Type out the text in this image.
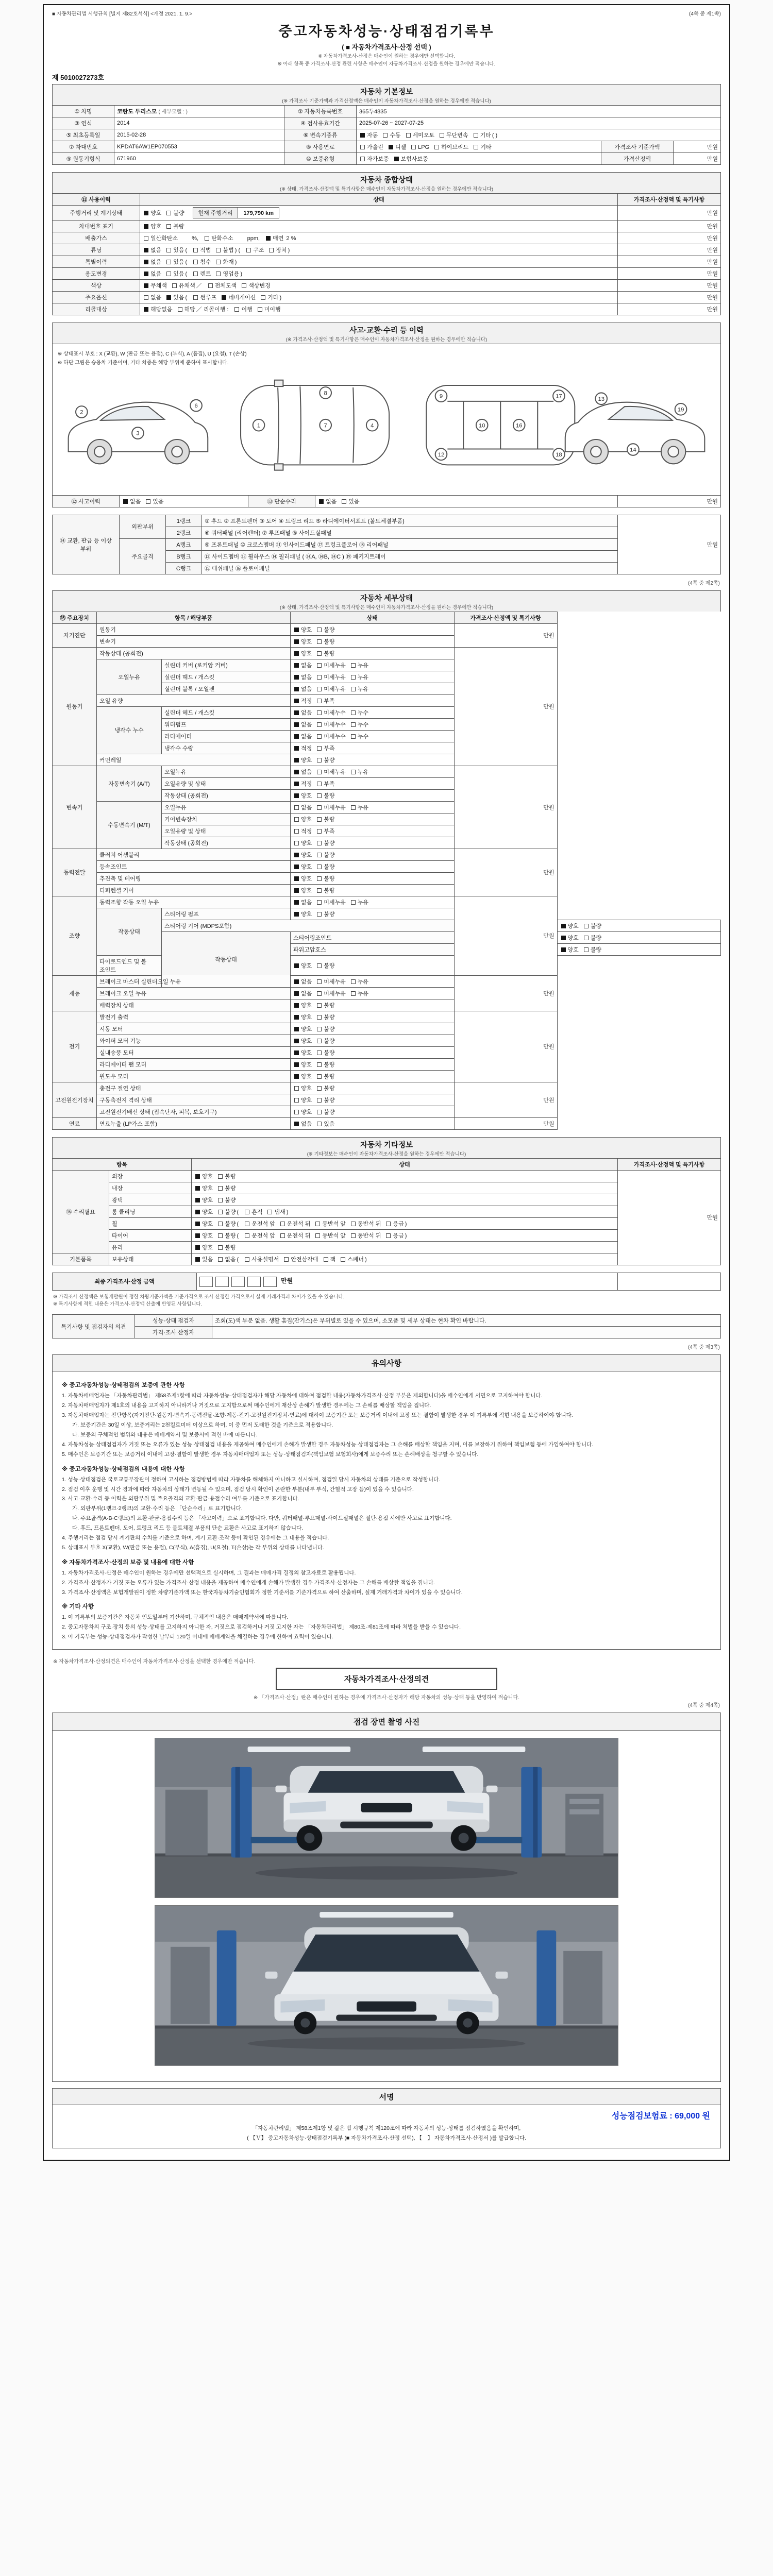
■ 자동차관리법 시행규칙 [별지 제82호서식] <개정 2021. 1. 9.>	(4쪽 중 제1쪽)
중고자동차성능·상태점검기록부
( ■ 자동차가격조사·산정 선택 )
※ 자동차가격조사·산정은 매수인이 원하는 경우에만 선택합니다.
※ 아래 항목 중 가격조사·산정 관련 사항은 매수인이 자동차가격조사·산정을 원하는 경우에만 적습니다.
제 5010027273호
자동차 기본정보
(※ 가격조사 기준가액과 가격산정액은 매수인이 자동차가격조사·산정을 원하는 경우에만 적습니다)
① 차명	코란도 투리스모 ( 세부모델 : )	② 자동차등록번호	365두4835		
③ 연식	2014	④ 검사유효기간	2025-07-26 ~ 2027-07-25		
⑤ 최초등록일	2015-02-28	⑥ 변속기종류	자동 수동 세미오토 무단변속 기타 ( )		
⑦ 차대번호	KPDAT6AW1EP070553	⑧ 사용연료	가솔린 디젤 LPG 하이브리드 기타	가격조사 기준가액	만원
⑨ 원동기형식	671960	⑩ 보증유형	자가보증 보험사보증	가격산정액	만원
자동차 종합상태
(※ 상태, 가격조사·산정액 및 특기사항은 매수인이 자동차가격조사·산정을 원하는 경우에만 적습니다)
⑪ 사용이력	상태	가격조사·산정액 및 특기사항
주행거리 및 계기상태	양호 불량 현재 주행거리	179,790 km	만원
차대번호 표기	양호 불량	만원
배출가스	일산화탄소　　 %, 탄화수소　　 ppm, 매연 2 %	만원
튜닝	없음 있음 ( 적법 불법 ) ( 구조 장치 )	만원
특별이력	없음 있음 ( 침수 화재 )	만원
용도변경	없음 있음 ( 렌트 영업용 )	만원
색상	무채색 유채색 ／ 전체도색 색상변경	만원
주요옵션	없음 있음 ( 썬루프 네비게이션 기타 )	만원
리콜대상	해당없음 해당 ／ 리콜이행 : 이행 미이행	만원
사고·교환·수리 등 이력
(※ 가격조사·산정액 및 특기사항은 매수인이 자동차가격조사·산정을 원하는 경우에만 적습니다)
※ 상태표시 부호 : X (교환), W (판금 또는 용접), C (부식), A (흠집), U (요철), T (손상)
※ 하단 그림은 승용차 기준이며, 기타 차종은 해당 부위에 준하여 표시합니다.
2
3
6
1	7	4
8
9
10	16
12
17
18
13
14
19
⑫ 사고이력	없음 있음	⑬ 단순수리	없음 있음	만원
⑭ 교환, 판금 등 이상 부위	외판부위	1랭크	① 후드 ② 프론트펜더 ③ 도어 ④ 트렁크 리드 ⑤ 라디에이터서포트 (볼트체결부품)	만원
		2랭크	⑥ 쿼터패널 (리어펜더) ⑦ 루프패널 ⑧ 사이드실패널	
	주요골격	A랭크	⑨ 프론트패널 ⑩ 크로스멤버 ⑪ 인사이드패널 ⑰ 트렁크플로어 ⑱ 리어패널	
		B랭크	⑫ 사이드멤버 ⑬ 휠하우스 ⑭ 필러패널 ( ⑭A, ⑭B, ⑭C ) ⑲ 패키지트레이	
		C랭크	⑮ 대쉬패널 ⑯ 플로어패널	
(4쪽 중 제2쪽)
자동차 세부상태
(※ 상태, 가격조사·산정액 및 특기사항은 매수인이 자동차가격조사·산정을 원하는 경우에만 적습니다)
⑮ 주요장치	항목 / 해당부품		상태	가격조사·산정액 및 특기사항	
자기진단	원동기		양호 불량	만원	
	변속기		양호 불량		
원동기	작동상태 (공회전)		양호 불량	만원	
	오일누유	실린더 커버 (로커암 커버)	없음 미세누유 누유		
		실린더 헤드 / 개스킷	없음 미세누유 누유		
		실린더 블록 / 오일팬	없음 미세누유 누유		
	오일 유량		적정 부족		
	냉각수 누수	실린더 헤드 / 개스킷	없음 미세누수 누수		
		워터펌프	없음 미세누수 누수		
		라디에이터	없음 미세누수 누수		
		냉각수 수량	적정 부족		
	커먼레일		양호 불량		
변속기	자동변속기 (A/T)	오일누유	없음 미세누유 누유	만원	
		오일유량 및 상태	적정 부족		
		작동상태 (공회전)	양호 불량		
	수동변속기 (M/T)	오일누유	없음 미세누유 누유		
		기어변속장치	양호 불량		
		오일유량 및 상태	적정 부족		
		작동상태 (공회전)	양호 불량		
동력전달	클러치 어셈블리		양호 불량	만원	
	등속조인트		양호 불량		
	추진축 및 베어링		양호 불량		
	디퍼렌셜 기어		양호 불량		
조향	동력조향 작동 오일 누유		없음 미세누유 누유	만원	
	작동상태	스티어링 펌프	양호 불량		
		스티어링 기어 (MDPS포함)			양호 불량
		작동상태	스티어링조인트		양호 불량
			파워고압호스		양호 불량
	타이로드엔드 및 볼 조인트		양호 불량		
제동	브레이크 마스터 실린더오일 누유		없음 미세누유 누유	만원	
	브레이크 오일 누유		없음 미세누유 누유		
	배력장치 상태		양호 불량		
전기	발전기 출력		양호 불량	만원	
	시동 모터		양호 불량		
	와이퍼 모터 기능		양호 불량		
	실내송풍 모터		양호 불량		
	라디에이터 팬 모터		양호 불량		
	윈도우 모터		양호 불량		
고전원전기장치	충전구 절연 상태		양호 불량	만원	
	구동축전지 격리 상태		양호 불량		
	고전원전기배선 상태 (접속단자, 피복, 보호기구)		양호 불량		
연료	연료누출 (LP가스 포함)		없음 있음	만원	
자동차 기타정보
(※ 기타정보는 매수인이 자동차가격조사·산정을 원하는 경우에만 적습니다)
항목		상태	가격조사·산정액 및 특기사항
⑯ 수리필요	외장	양호 불량	만원
	내장	양호 불량	
	광택	양호 불량	
	룸 클리닝	양호 불량 ( 흔적 냄새 )	
	휠	양호 불량 ( 운전석 앞 운전석 뒤 동반석 앞 동반석 뒤 응급 )	
	타이어	양호 불량 ( 운전석 앞 운전석 뒤 동반석 앞 동반석 뒤 응급 )	
	유리	양호 불량	
기본품목	보유상태	있음 없음 ( 사용설명서 안전삼각대 잭 스패너 )	
최종 가격조사·산정 금액	만원	
※ 가격조사·산정액은 보험개발원이 정한 차량기준가액을 기준가격으로 조사·산정한 가격으로서 실제 거래가격과 차이가 있을 수 있습니다.
※ 특기사항에 적힌 내용은 가격조사·산정액 산출에 반영된 사항입니다.
특기사항 및 점검자의 의견	성능·상태 점검자	조회(도)색 부분 없음. 생활 흠집(잔기스)은 부위별로 있을 수 있으며, 소모품 및 세부 상태는 현차 확인 바랍니다.
	가격·조사 산정자	
(4쪽 중 제3쪽)
유의사항
※ 중고자동차성능·상태점검의 보증에 관한 사항
1. 자동차매매업자는 「자동차관리법」 제58조제1항에 따라 자동차성능·상태점검자가 해당 자동차에 대하여 점검한 내용(자동차가격조사·산정 부분은 제외합니다)을 매수인에게 서면으로 고지하여야 합니다.
2. 자동차매매업자가 제1호의 내용을 고지하지 아니하거나 거짓으로 고지함으로써 매수인에게 재산상 손해가 발생한 경우에는 그 손해를 배상할 책임을 집니다.
3. 자동차매매업자는 진단항목(자기진단·원동기·변속기·동력전달·조향·제동·전기·고전원전기장치·연료)에 대하여 보증기간 또는 보증거리 이내에 고장 또는 결함이 발생한 경우 이 기록부에 적힌 내용을 보증하여야 합니다.
가. 보증기간은 30일 이상, 보증거리는 2천킬로미터 이상으로 하며, 이 중 먼저 도래한 것을 기준으로 적용합니다.
나. 보증의 구체적인 범위와 내용은 매매계약서 및 보증서에 적힌 바에 따릅니다.
4. 자동차성능·상태점검자가 거짓 또는 오류가 있는 성능·상태점검 내용을 제공하여 매수인에게 손해가 발생한 경우 자동차성능·상태점검자는 그 손해를 배상할 책임을 지며, 이를 보장하기 위하여 책임보험 등에 가입하여야 합니다.
5. 매수인은 보증기간 또는 보증거리 이내에 고장·결함이 발생한 경우 자동차매매업자 또는 성능·상태점검자(책임보험 보험회사)에게 보증수리 또는 손해배상을 청구할 수 있습니다.
※ 중고자동차성능·상태점검의 내용에 대한 사항
1. 성능·상태점검은 국토교통부장관이 정하여 고시하는 점검방법에 따라 자동차를 해체하지 아니하고 실시하며, 점검일 당시 자동차의 상태를 기준으로 작성합니다.
2. 점검 이후 운행 및 시간 경과에 따라 자동차의 상태가 변동될 수 있으며, 점검 당시 확인이 곤란한 부분(내부 부식, 간헐적 고장 등)이 있을 수 있습니다.
3. 사고·교환·수리 등 이력은 외판부위 및 주요골격의 교환·판금·용접수리 여부를 기준으로 표기합니다.
가. 외판부위(1랭크·2랭크)의 교환·수리 등은 「단순수리」로 표기합니다.
나. 주요골격(A·B·C랭크)의 교환·판금·용접수리 등은 「사고이력」으로 표기합니다. 다만, 쿼터패널·루프패널·사이드실패널은 절단·용접 시에만 사고로 표기합니다.
다. 후드, 프론트펜더, 도어, 트렁크 리드 등 볼트체결 부품의 단순 교환은 사고로 표기하지 않습니다.
4. 주행거리는 점검 당시 계기판의 수치를 기준으로 하며, 계기 교환·조작 등이 확인된 경우에는 그 내용을 적습니다.
5. 상태표시 부호 X(교환), W(판금 또는 용접), C(부식), A(흠집), U(요철), T(손상)는 각 부위의 상태를 나타냅니다.
※ 자동차가격조사·산정의 보증 및 내용에 대한 사항
1. 자동차가격조사·산정은 매수인이 원하는 경우에만 선택적으로 실시하며, 그 결과는 매매가격 결정의 참고자료로 활용됩니다.
2. 가격조사·산정자가 거짓 또는 오류가 있는 가격조사·산정 내용을 제공하여 매수인에게 손해가 발생한 경우 가격조사·산정자는 그 손해를 배상할 책임을 집니다.
3. 가격조사·산정액은 보험개발원이 정한 차량기준가액 또는 한국자동차기술인협회가 정한 기준서를 기준가격으로 하여 산출하며, 실제 거래가격과 차이가 있을 수 있습니다.
※ 기타 사항
1. 이 기록부의 보증기간은 자동차 인도일부터 기산하며, 구체적인 내용은 매매계약서에 따릅니다.
2. 중고자동차의 구조·장치 등의 성능·상태를 고지하지 아니한 자, 거짓으로 점검하거나 거짓 고지한 자는 「자동차관리법」 제80조·제81조에 따라 처벌을 받을 수 있습니다.
3. 이 기록부는 성능·상태점검자가 작성한 날부터 120일 이내에 매매계약을 체결하는 경우에 한하여 효력이 있습니다.
※ 자동차가격조사·산정의견은 매수인이 자동차가격조사·산정을 선택한 경우에만 적습니다.
자동차가격조사·산정의견
※ 「가격조사·산정」란은 매수인이 원하는 경우에 가격조사·산정자가 해당 자동차의 성능·상태 등을 반영하여 적습니다.
(4쪽 중 제4쪽)
점검 장면 촬영 사진
서명
성능점검보험료 : 69,000 원
「자동차관리법」 제58조제1항 및 같은 법 시행규칙 제120조에 따라 자동차의 성능·상태를 점검하였음을 확인하며,
( 【Ｖ】 중고자동차성능·상태점검기록부 (■ 자동차가격조사·산정 선택), 【　】 자동차가격조사·산정서 )를 발급합니다.
